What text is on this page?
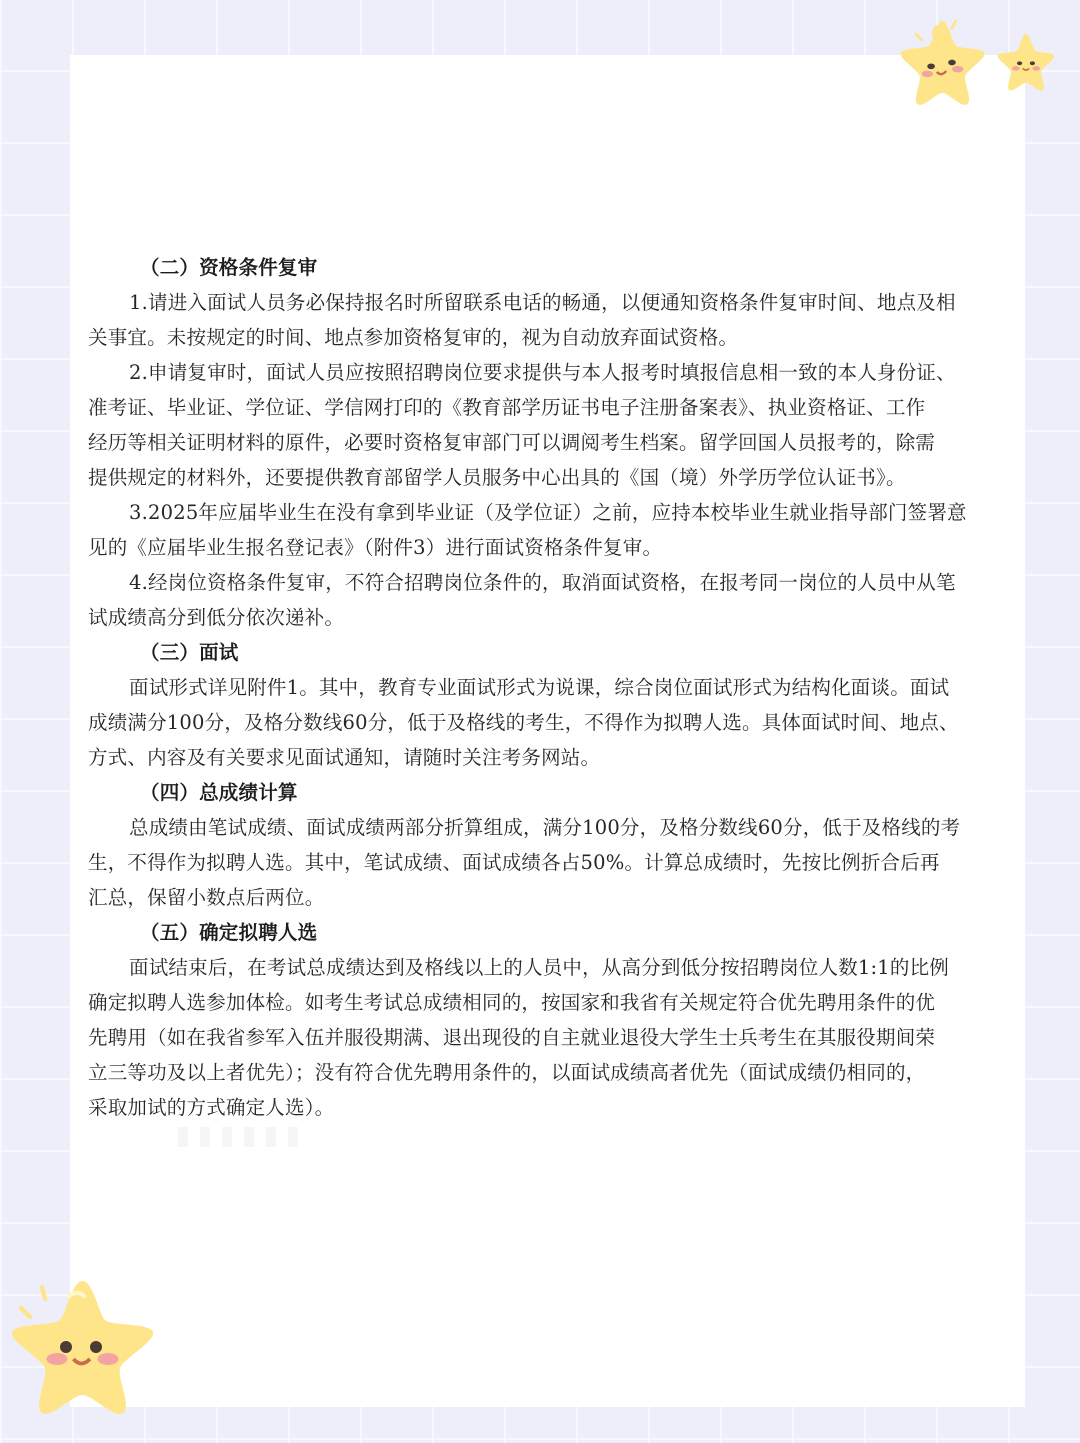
（二）资格条件复审
1.请进入面试人员务必保持报名时所留联系电话的畅通，以便通知资格条件复审时间、地点及相
关事宜。未按规定的时间、地点参加资格复审的，视为自动放弃面试资格。
2.申请复审时，面试人员应按照招聘岗位要求提供与本人报考时填报信息相一致的本人身份证、
准考证、毕业证、学位证、学信网打印的《教育部学历证书电子注册备案表》、执业资格证、工作
经历等相关证明材料的原件，必要时资格复审部门可以调阅考生档案。留学回国人员报考的，除需
提供规定的材料外，还要提供教育部留学人员服务中心出具的《国（境）外学历学位认证书》。
3.2025年应届毕业生在没有拿到毕业证（及学位证）之前，应持本校毕业生就业指导部门签署意
见的《应届毕业生报名登记表》（附件3）进行面试资格条件复审。
4.经岗位资格条件复审，不符合招聘岗位条件的，取消面试资格，在报考同一岗位的人员中从笔
试成绩高分到低分依次递补。
（三）面试
面试形式详见附件1。其中，教育专业面试形式为说课，综合岗位面试形式为结构化面谈。面试
成绩满分100分，及格分数线60分，低于及格线的考生，不得作为拟聘人选。具体面试时间、地点、
方式、内容及有关要求见面试通知，请随时关注考务网站。
（四）总成绩计算
总成绩由笔试成绩、面试成绩两部分折算组成，满分100分，及格分数线60分，低于及格线的考
生，不得作为拟聘人选。其中，笔试成绩、面试成绩各占50%。计算总成绩时，先按比例折合后再
汇总，保留小数点后两位。
（五）确定拟聘人选
面试结束后，在考试总成绩达到及格线以上的人员中，从高分到低分按招聘岗位人数1:1的比例
确定拟聘人选参加体检。如考生考试总成绩相同的，按国家和我省有关规定符合优先聘用条件的优
先聘用（如在我省参军入伍并服役期满、退出现役的自主就业退役大学生士兵考生在其服役期间荣
立三等功及以上者优先）；没有符合优先聘用条件的，以面试成绩高者优先（面试成绩仍相同的，
采取加试的方式确定人选）。
